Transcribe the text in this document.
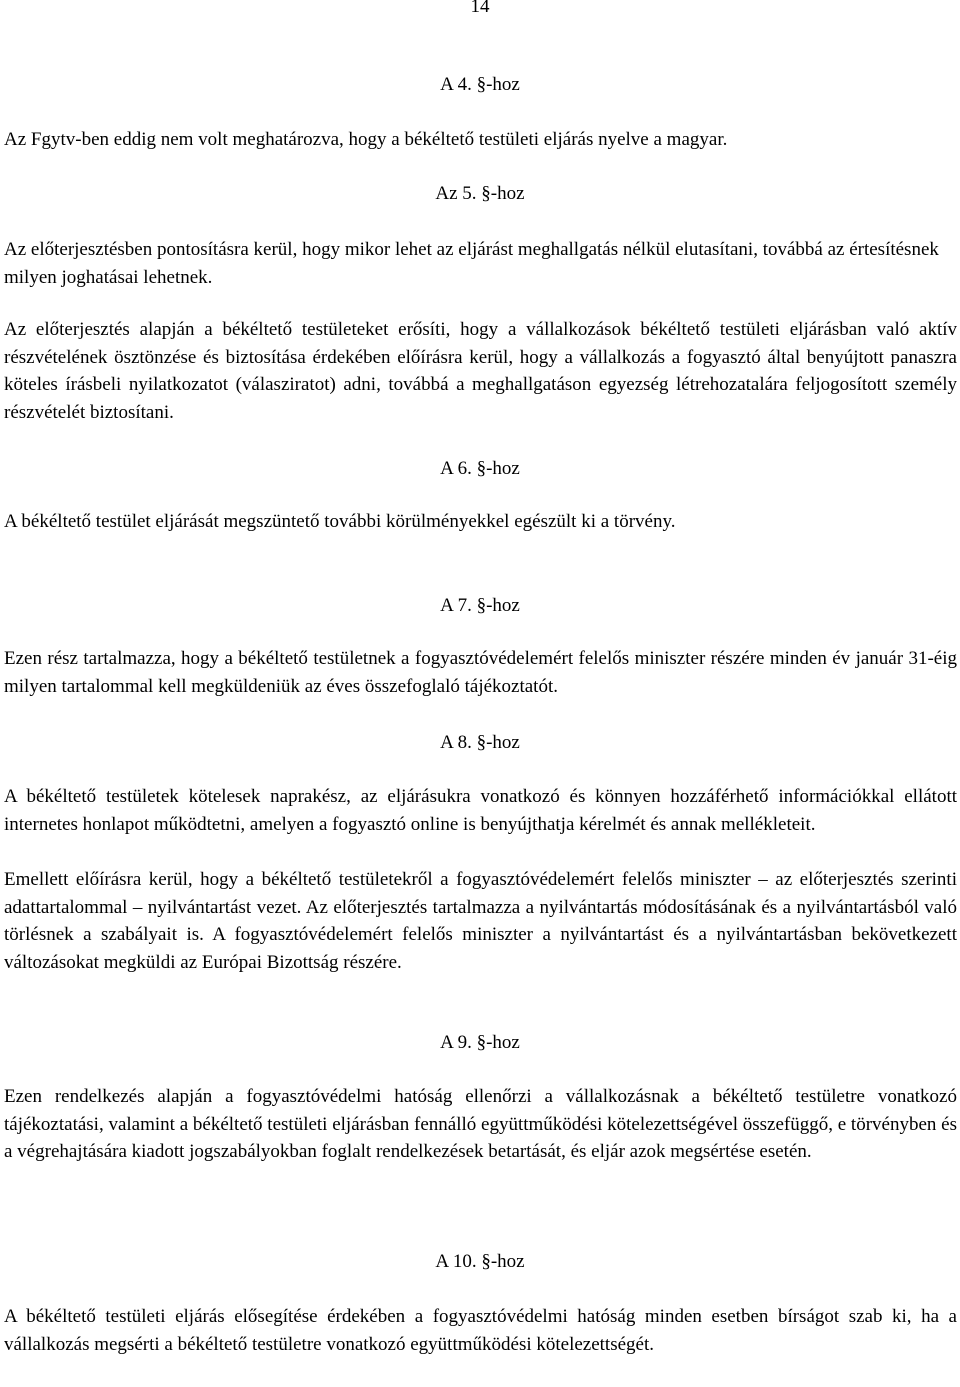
14
A 4. §-hoz
Az Fgytv-ben eddig nem volt meghatározva, hogy a békéltető testületi eljárás nyelve a magyar.
Az 5. §-hoz
Az előterjesztésben pontosításra kerül, hogy mikor lehet az eljárást meghallgatás nélkül elutasítani, továbbá az értesítésnek milyen joghatásai lehetnek.
Az előterjesztés alapján a békéltető testületeket erősíti, hogy a vállalkozások békéltető testületi eljárásban való aktív részvételének ösztönzése és biztosítása érdekében előírásra kerül, hogy a vállalkozás a fogyasztó által benyújtott panaszra köteles írásbeli nyilatkozatot (válasziratot) adni, továbbá a meghallgatáson egyezség létrehozatalára feljogosított személy részvételét biztosítani.
A 6. §-hoz
A békéltető testület eljárását megszüntető további körülményekkel egészült ki a törvény.
A 7. §-hoz
Ezen rész tartalmazza, hogy a békéltető testületnek a fogyasztóvédelemért felelős miniszter részére minden év január 31-éig milyen tartalommal kell megküldeniük az éves összefoglaló tájékoztatót.
A 8. §-hoz
A békéltető testületek kötelesek naprakész, az eljárásukra vonatkozó és könnyen hozzáférhető információkkal ellátott internetes honlapot működtetni, amelyen a fogyasztó online is benyújthatja kérelmét és annak mellékleteit.
Emellett előírásra kerül, hogy a békéltető testületekről a fogyasztóvédelemért felelős miniszter – az előterjesztés szerinti adattartalommal – nyilvántartást vezet. Az előterjesztés tartalmazza a nyilvántartás módosításának és a nyilvántartásból való törlésnek a szabályait is. A fogyasztóvédelemért felelős miniszter a nyilvántartást és a nyilvántartásban bekövetkezett változásokat megküldi az Európai Bizottság részére.
A 9. §-hoz
Ezen rendelkezés alapján a fogyasztóvédelmi hatóság ellenőrzi a vállalkozásnak a békéltető testületre vonatkozó tájékoztatási, valamint a békéltető testületi eljárásban fennálló együttműködési kötelezettségével összefüggő, e törvényben és a végrehajtására kiadott jogszabályokban foglalt rendelkezések betartását, és eljár azok megsértése esetén.
A 10. §-hoz
A békéltető testületi eljárás elősegítése érdekében a fogyasztóvédelmi hatóság minden esetben bírságot szab ki, ha a vállalkozás megsérti a békéltető testületre vonatkozó együttműködési kötelezettségét.
